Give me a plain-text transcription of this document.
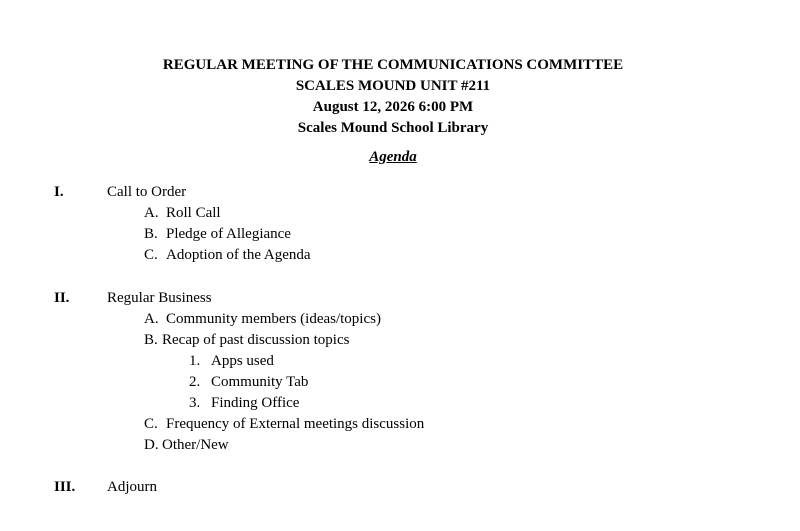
REGULAR MEETING OF THE COMMUNICATIONS COMMITTEE
SCALES MOUND UNIT #211
August 12, 2026 6:00 PM
Scales Mound School Library
Agenda
I.	Call to Order
A. Roll Call
B. Pledge of Allegiance
C. Adoption of the Agenda
II.	Regular Business
A. Community members (ideas/topics)
B. Recap of past discussion topics
1. Apps used
2. Community Tab
3. Finding Office
C. Frequency of External meetings discussion
D. Other/New
III. Adjourn
